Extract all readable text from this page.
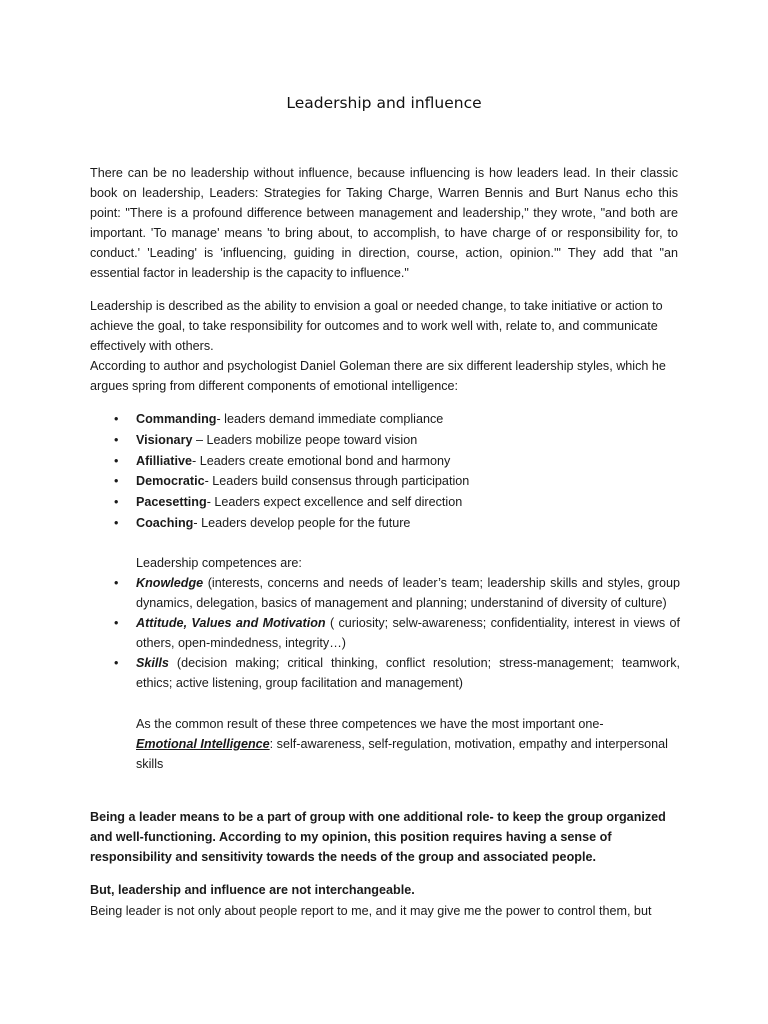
Leadership and influence

There can be no leadership without influence, because influencing is how leaders lead. In their classic book on leadership, Leaders: Strategies for Taking Charge, Warren Bennis and Burt Nanus echo this point: "There is a profound difference between management and leadership," they wrote, "and both are important. 'To manage' means 'to bring about, to accomplish, to have charge of or responsibility for, to conduct.' 'Leading' is 'influencing, guiding in direction, course, action, opinion.'" They add that "an essential factor in leadership is the capacity to influence."

Leadership is described as the ability to envision a goal or needed change, to take initiative or action to achieve the goal, to take responsibility for outcomes and to work well with, relate to, and communicate effectively with others.

According to author and psychologist Daniel Goleman there are six different leadership styles, which he argues spring from different components of emotional intelligence:

• Commanding- leaders demand immediate compliance
• Visionary – Leaders mobilize peope toward vision
• Afilliative- Leaders create emotional bond and harmony
• Democratic- Leaders build consensus through participation
• Pacesetting- Leaders expect excellence and self direction
• Coaching- Leaders develop people for the future
Leadership competences are:
• Knowledge (interests, concerns and needs of leader’s team; leadership skills and styles, group dynamics, delegation, basics of management and planning; understanind of diversity of culture)
• Attitude, Values and Motivation ( curiosity; selw-awareness; confidentiality, interest in views of others, open-mindedness, integrity…)
• Skills (decision making; critical thinking, conflict resolution; stress-management; teamwork, ethics; active listening, group facilitation and management)
As the common result of these three competences we have the most important one-
Emotional Intelligence: self-awareness, self-regulation, motivation, empathy and interpersonal skills

Being a leader means to be a part of group with one additional role- to keep the group organized and well-functioning. According to my opinion, this position requires having a sense of responsibility and sensitivity towards the needs of the group and associated people.

But, leadership and influence are not interchangeable.

Being leader is not only about people report to me, and it may give me the power to control them, but
